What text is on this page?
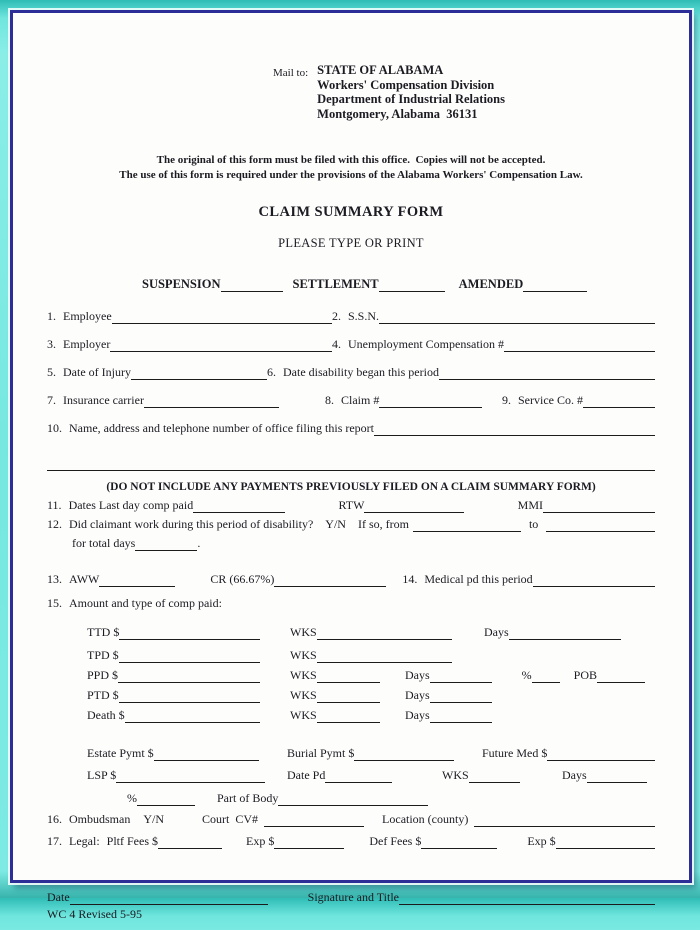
Mail to: STATE OF ALABAMA
Workers' Compensation Division
Department of Industrial Relations
Montgomery, Alabama  36131
The original of this form must be filed with this office.  Copies will not be accepted.
The use of this form is required under the provisions of the Alabama Workers' Compensation Law.
CLAIM SUMMARY FORM
PLEASE TYPE OR PRINT
SUSPENSION	SETTLEMENT	AMENDED
1. Employee	2. S.S.N.
3. Employer	4. Unemployment Compensation #
5. Date of Injury	6. Date disability began this period
7. Insurance carrier	8. Claim #	9. Service Co. #
10. Name, address and telephone number of office filing this report
(DO NOT INCLUDE ANY PAYMENTS PREVIOUSLY FILED ON A CLAIM SUMMARY FORM)
11. Dates Last day comp paid	RTW	MMI
12. Did claimant work during this period of disability? Y/N If so, from	to
for total days	.
13. AWW	CR (66.67%)	14. Medical pd this period
15. Amount and type of comp paid:
TTD $	WKS	Days
TPD $	WKS
PPD $	WKS	Days	%	POB
PTD $	WKS	Days
Death $	WKS	Days
Estate Pymt $	Burial Pymt $	Future Med $
LSP $	Date Pd	WKS	Days
%	Part of Body
16. Ombudsman Y/N	Court CV#	Location (county)
17. Legal: Pltf Fees $	Exp $	Def Fees $	Exp $
Date	Signature and Title
WC 4 Revised 5-95
